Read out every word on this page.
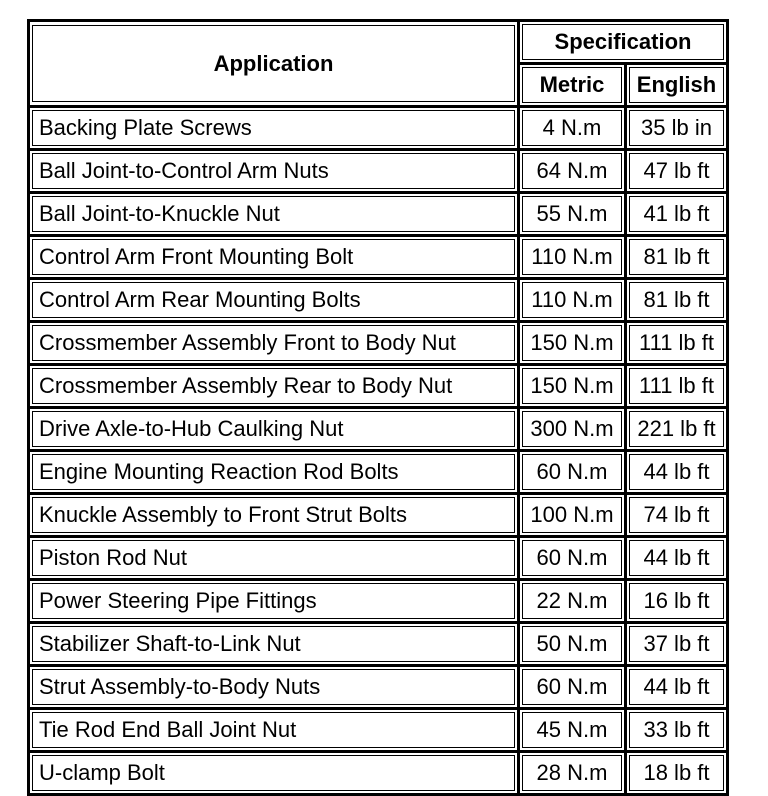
Application	Specification	

Metric	English

Backing Plate Screws	4 N.m	35 lb in

Ball Joint-to-Control Arm Nuts	64 N.m	47 lb ft

Ball Joint-to-Knuckle Nut	55 N.m	41 lb ft

Control Arm Front Mounting Bolt	110 N.m	81 lb ft

Control Arm Rear Mounting Bolts	110 N.m	81 lb ft

Crossmember Assembly Front to Body Nut	150 N.m	111 lb ft

Crossmember Assembly Rear to Body Nut	150 N.m	111 lb ft

Drive Axle-to-Hub Caulking Nut	300 N.m	221 lb ft

Engine Mounting Reaction Rod Bolts	60 N.m	44 lb ft

Knuckle Assembly to Front Strut Bolts	100 N.m	74 lb ft

Piston Rod Nut	60 N.m	44 lb ft

Power Steering Pipe Fittings	22 N.m	16 lb ft

Stabilizer Shaft-to-Link Nut	50 N.m	37 lb ft

Strut Assembly-to-Body Nuts	60 N.m	44 lb ft

Tie Rod End Ball Joint Nut	45 N.m	33 lb ft

U-clamp Bolt	28 N.m	18 lb ft
